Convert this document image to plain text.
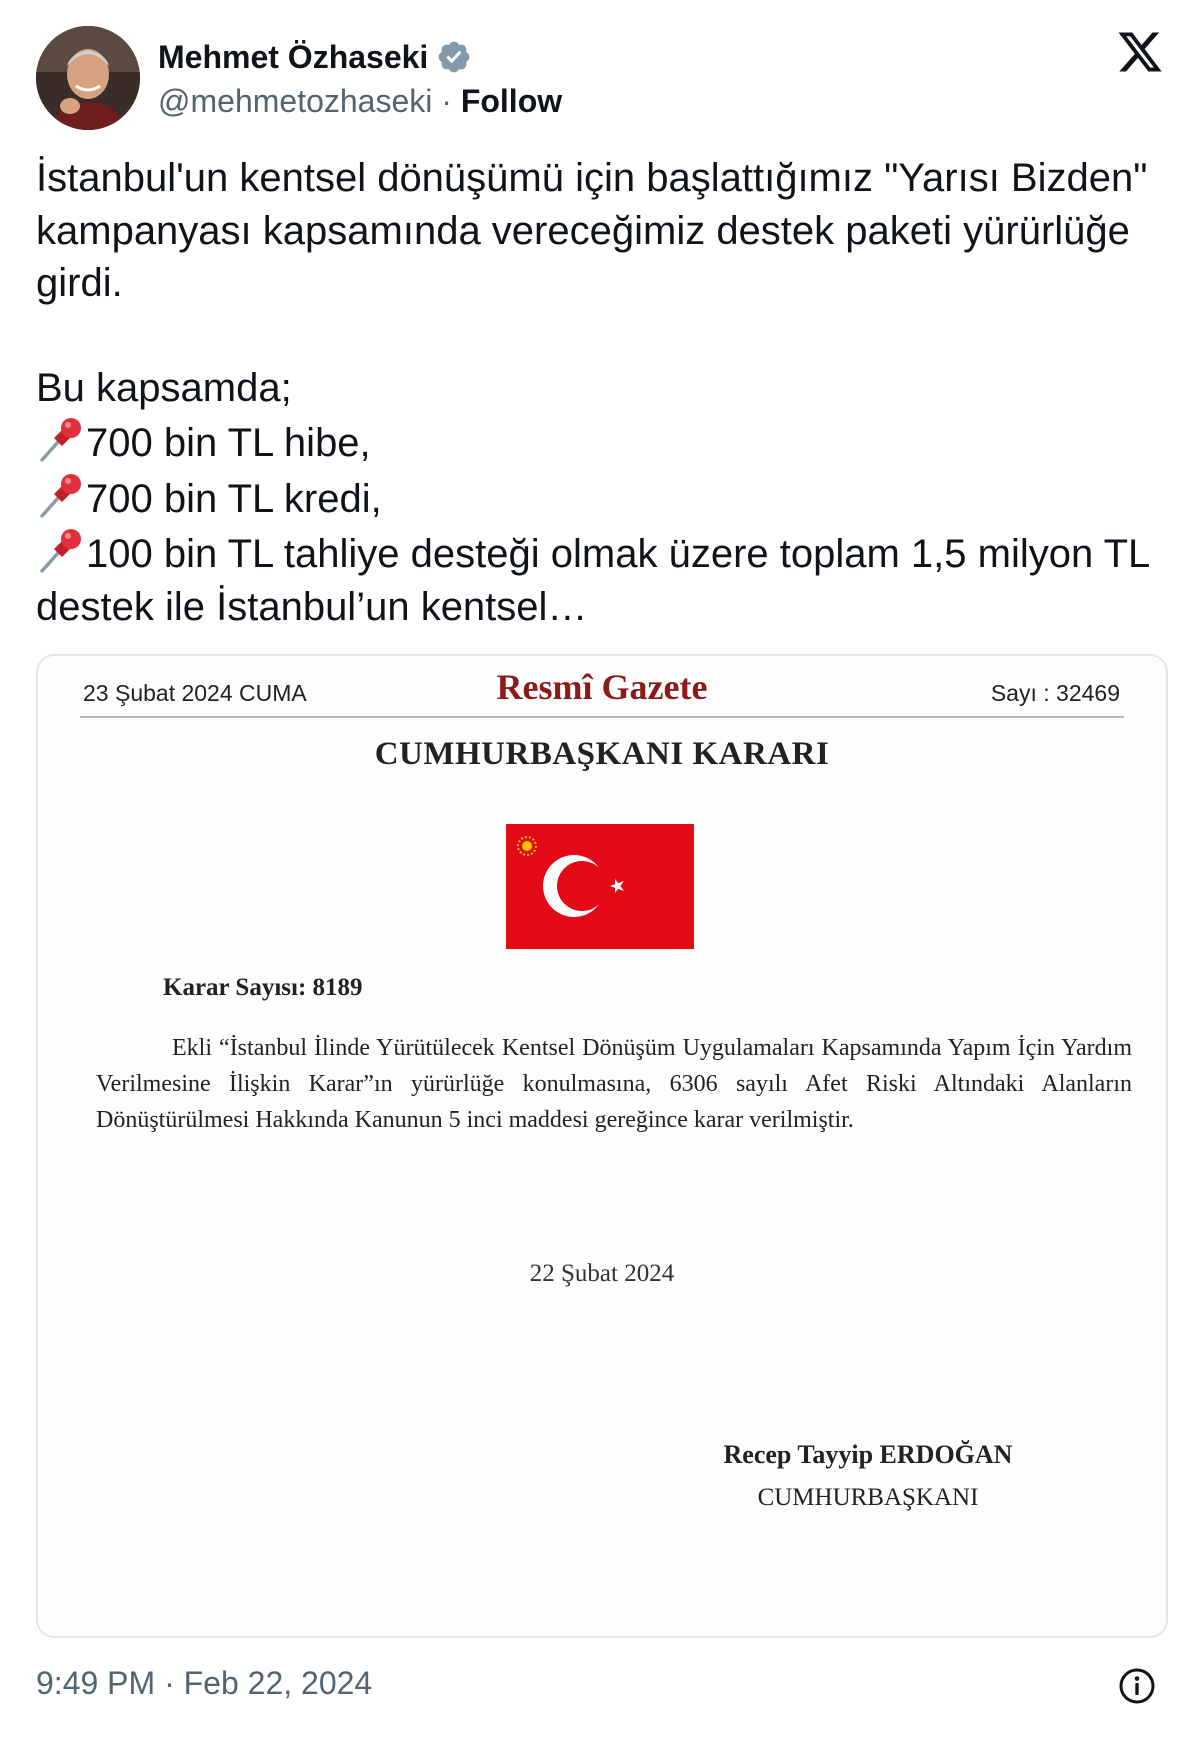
Mehmet Özhaseki
@mehmetozhaseki · Follow

İstanbul'un kentsel dönüşümü için başlattığımız "Yarısı Bizden" kampanyası kapsamında vereceğimiz destek paketi yürürlüğe girdi.

Bu kapsamda;

700 bin TL hibe,
700 bin TL kredi,
100 bin TL tahliye desteği olmak üzere toplam 1,5 milyon TL destek ile İstanbul’un kentsel…
23 Şubat 2024 CUMA	Resmî Gazete	Sayı : 32469
CUMHURBAŞKANI KARARI
Karar Sayısı: 8189
Ekli “İstanbul İlinde Yürütülecek Kentsel Dönüşüm Uygulamaları Kapsamında Yapım İçin Yardım Verilmesine İlişkin Karar”ın yürürlüğe konulmasına, 6306 sayılı Afet Riski Altındaki Alanların Dönüştürülmesi Hakkında Kanunun 5 inci maddesi gereğince karar verilmiştir.
22 Şubat 2024
Recep Tayyip ERDOĞAN
CUMHURBAŞKANI
9:49 PM · Feb 22, 2024
